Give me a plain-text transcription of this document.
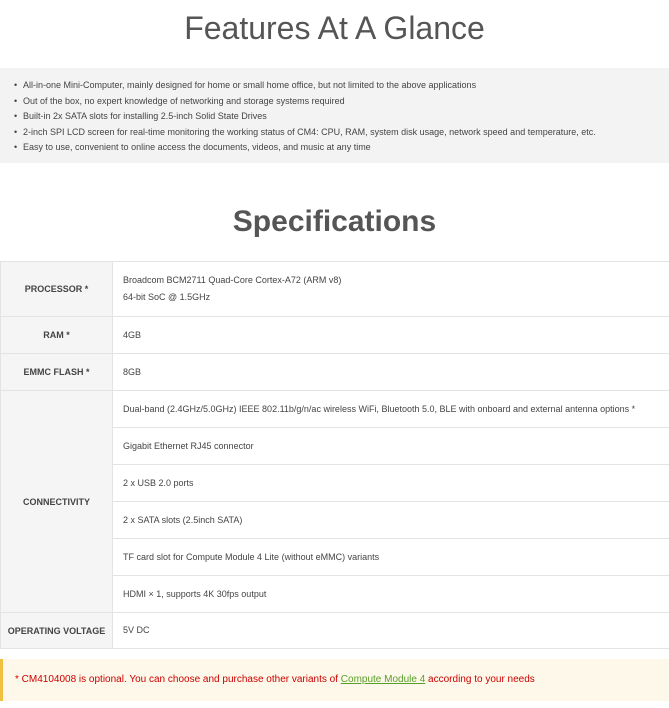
Features At A Glance
• All-in-one Mini-Computer, mainly designed for home or small home office, but not limited to the above applications
• Out of the box, no expert knowledge of networking and storage systems required
• Built-in 2x SATA slots for installing 2.5-inch Solid State Drives
• 2-inch SPI LCD screen for real-time monitoring the working status of CM4: CPU, RAM, system disk usage, network speed and temperature, etc.
• Easy to use, convenient to online access the documents, videos, and music at any time
Specifications
PROCESSOR *	Broadcom BCM2711 Quad-Core Cortex-A72 (ARM v8)
64-bit SoC @ 1.5GHz

RAM *	4GB
EMMC FLASH *	8GB
CONNECTIVITY	Dual-band (2.4GHz/5.0GHz) IEEE 802.11b/g/n/ac wireless WiFi, Bluetooth 5.0, BLE with onboard and external antenna options *
	Gigabit Ethernet RJ45 connector
	2 x USB 2.0 ports
	2 x SATA slots (2.5inch SATA)
	TF card slot for Compute Module 4 Lite (without eMMC) variants
	HDMI × 1, supports 4K 30fps output
OPERATING VOLTAGE	5V DC

* CM4104008 is optional. You can choose and purchase other variants of Compute Module 4 according to your needs
